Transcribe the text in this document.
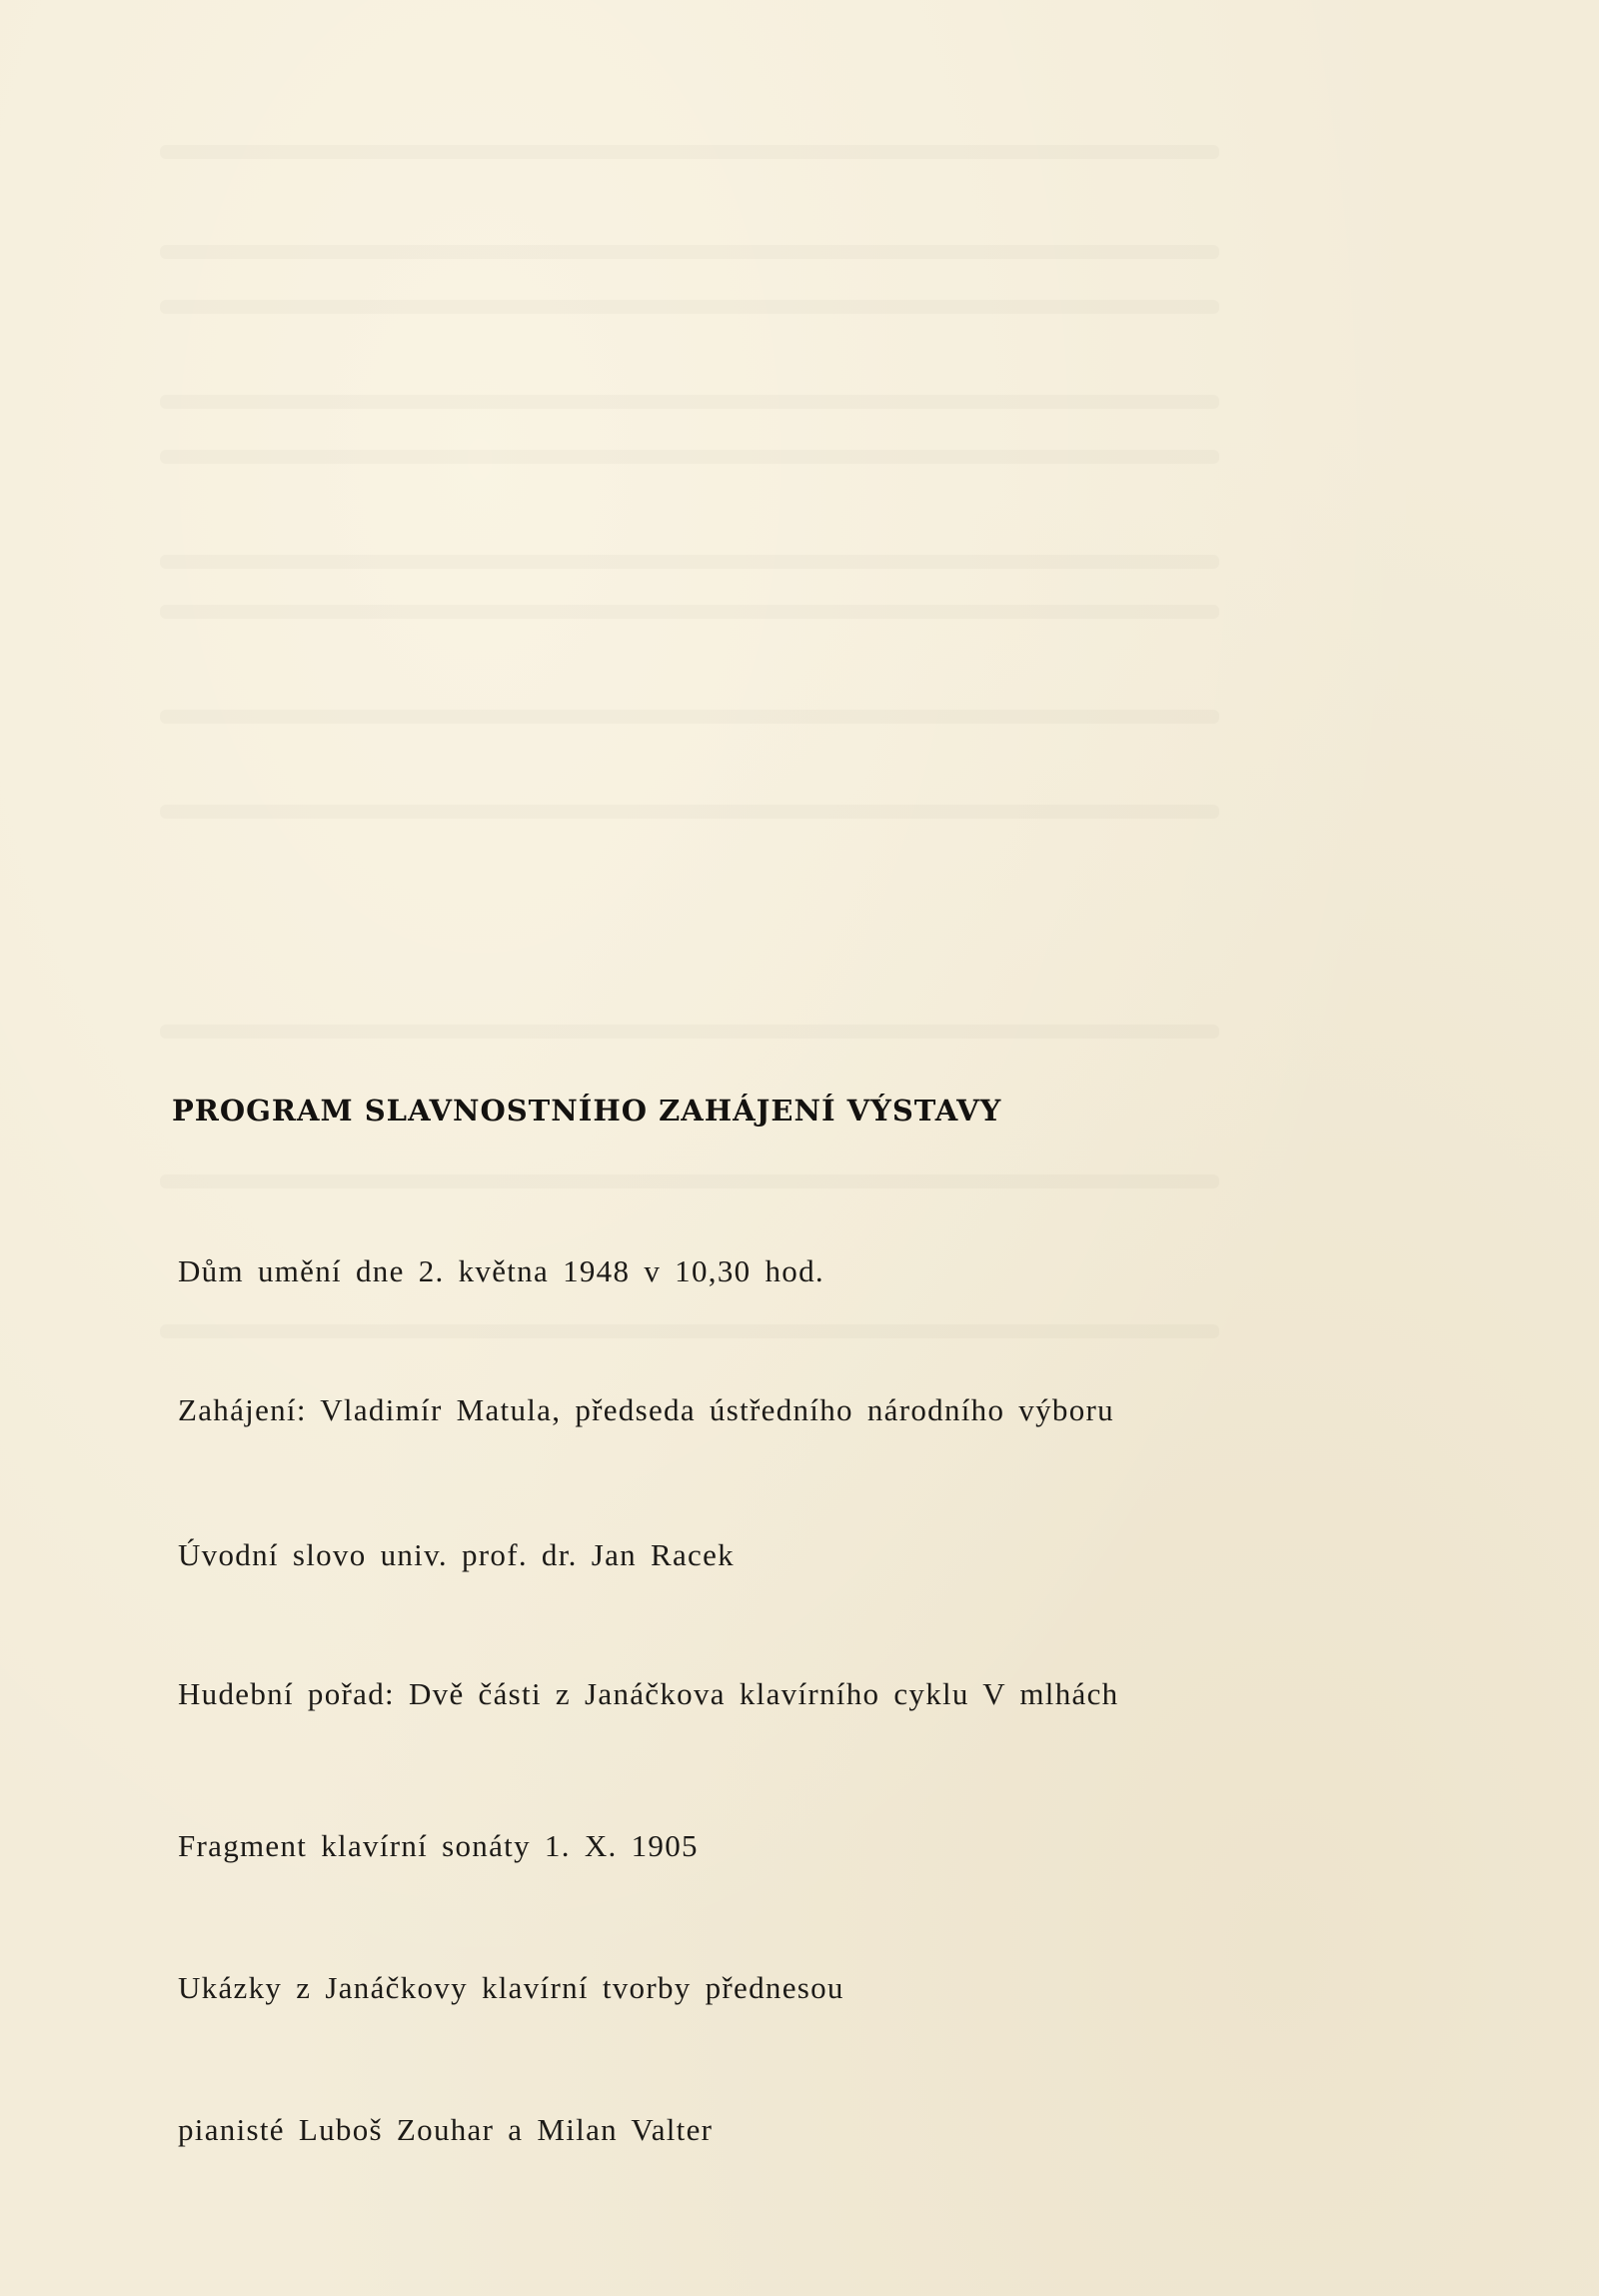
PROGRAM SLAVNOSTNÍHO ZAHÁJENÍ VÝSTAVY
Dům umění dne 2. května 1948 v 10,30 hod.
Zahájení: Vladimír Matula, předseda ústředního národního výboru
Úvodní slovo univ. prof. dr. Jan Racek
Hudební pořad: Dvě části z Janáčkova klavírního cyklu V mlhách
Fragment klavírní sonáty 1. X. 1905
Ukázky z Janáčkovy klavírní tvorby přednesou
pianisté Luboš Zouhar a Milan Valter
